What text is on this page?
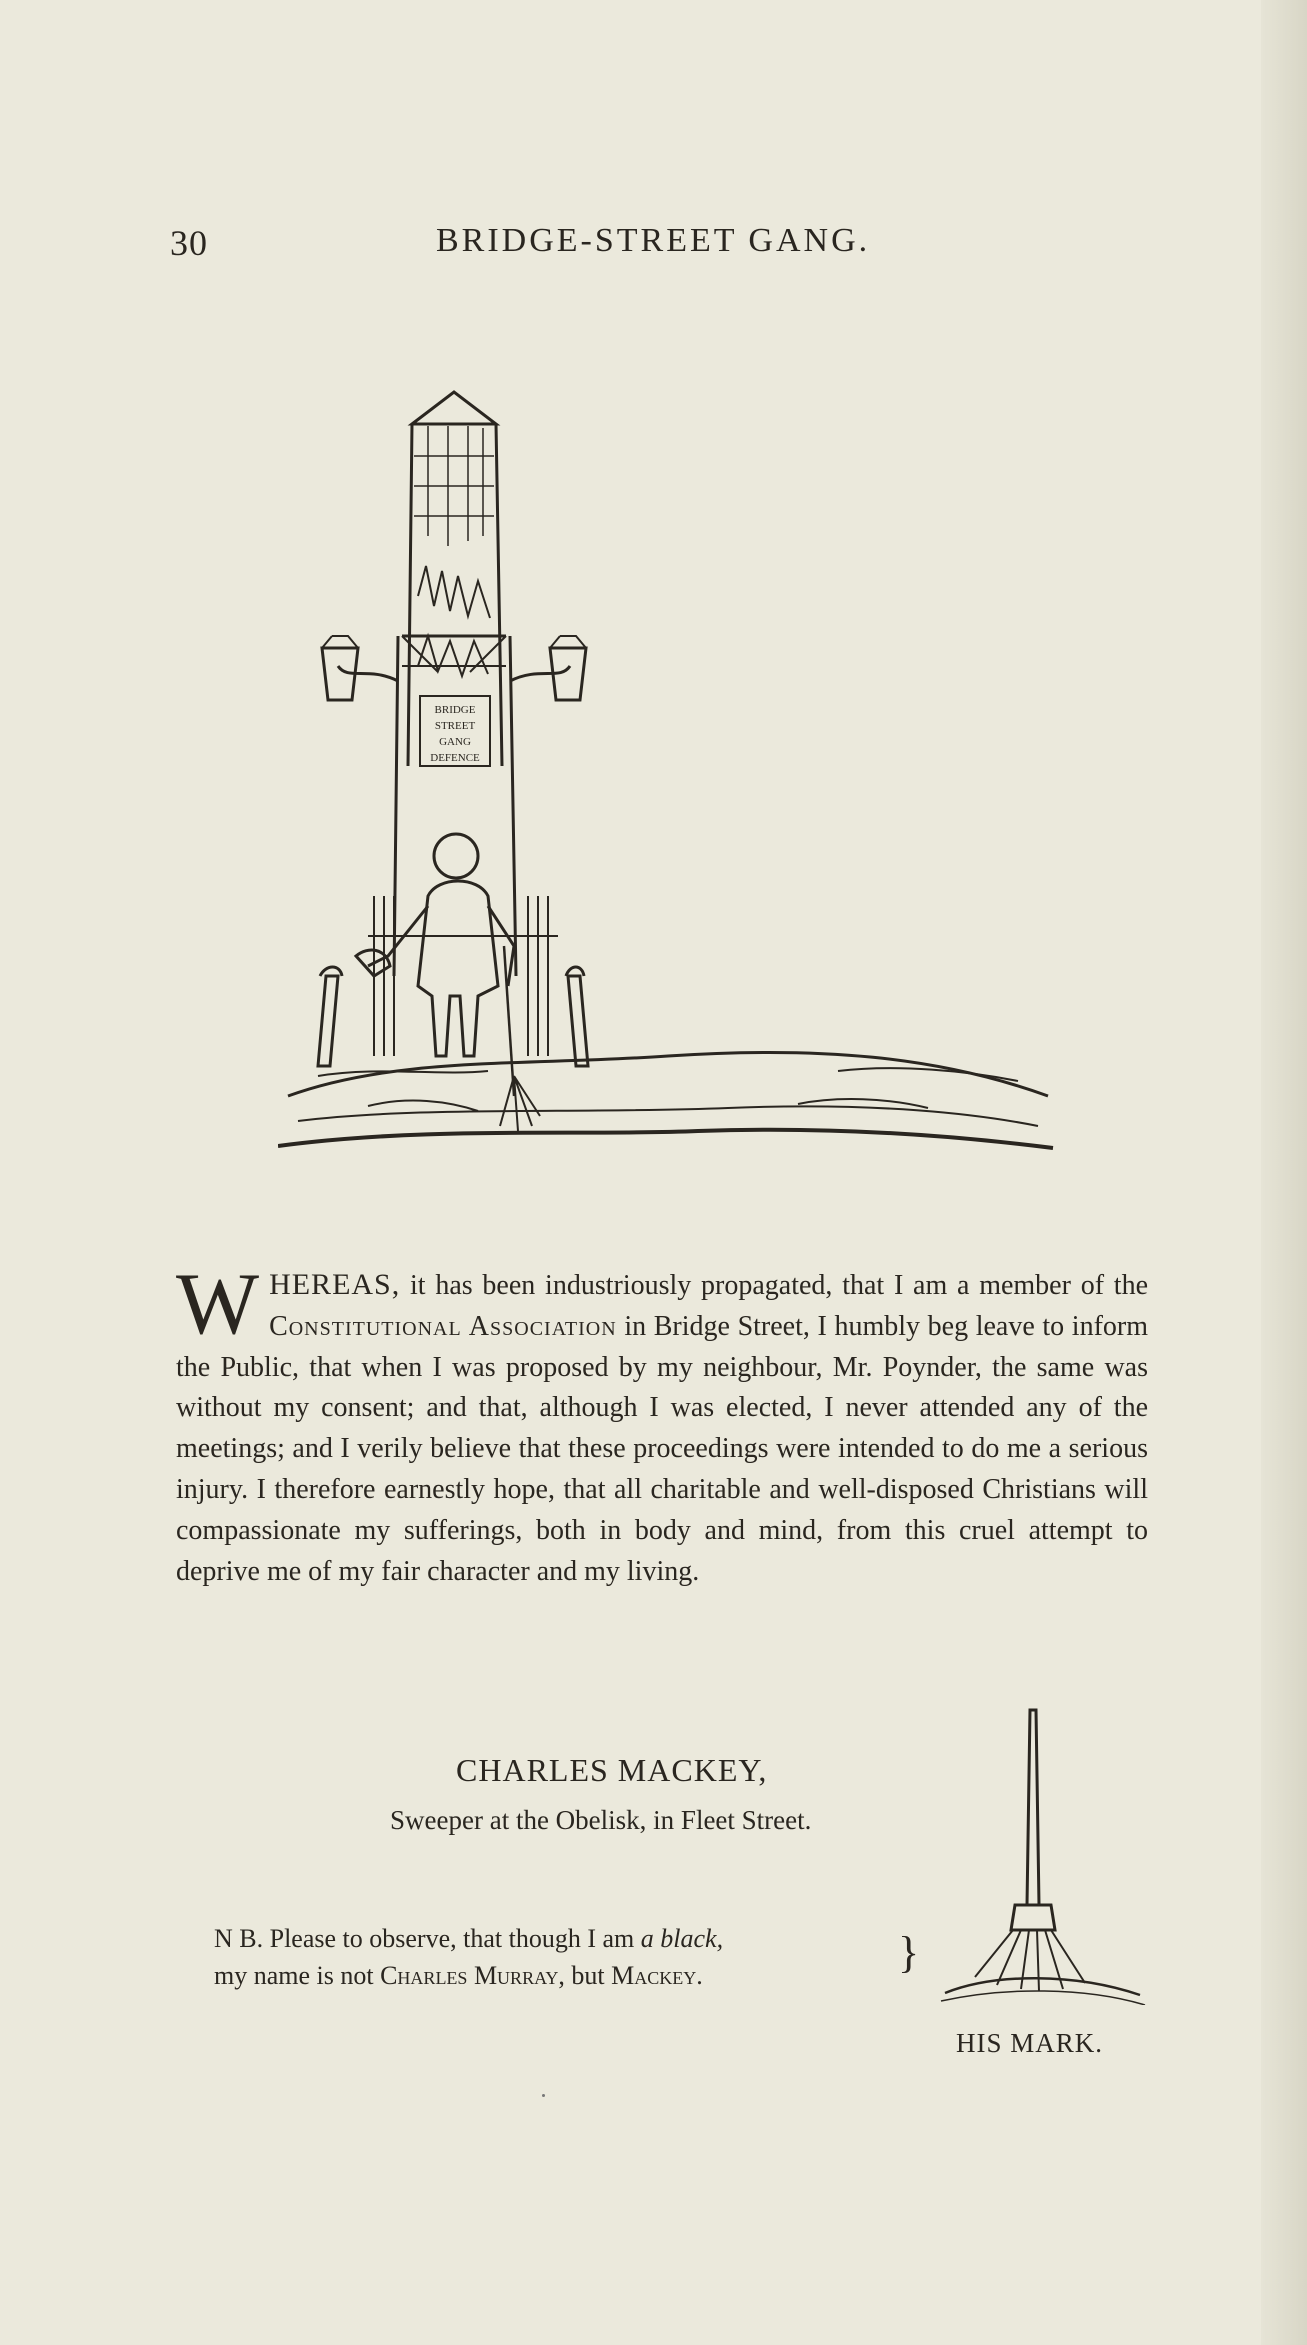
30	BRIDGE-STREET GANG.
BRIDGE
STREET
GANG
DEFENCE
WHEREAS, it has been industriously propagated, that I am a member of the Constitutional Association in Bridge Street, I humbly beg leave to inform the Public, that when I was proposed by my neighbour, Mr. Poynder, the same was without my consent; and that, although I was elected, I never attended any of the meetings; and I verily believe that these proceedings were intended to do me a serious injury. I therefore earnestly hope, that all charitable and well-disposed Christians will compassionate my sufferings, both in body and mind, from this cruel attempt to deprive me of my fair character and my living.
CHARLES MACKEY,
Sweeper at the Obelisk, in Fleet Street.
N B. Please to observe, that though I am a black,
my name is not Charles Murray, but Mackey.	}
HIS MARK.
